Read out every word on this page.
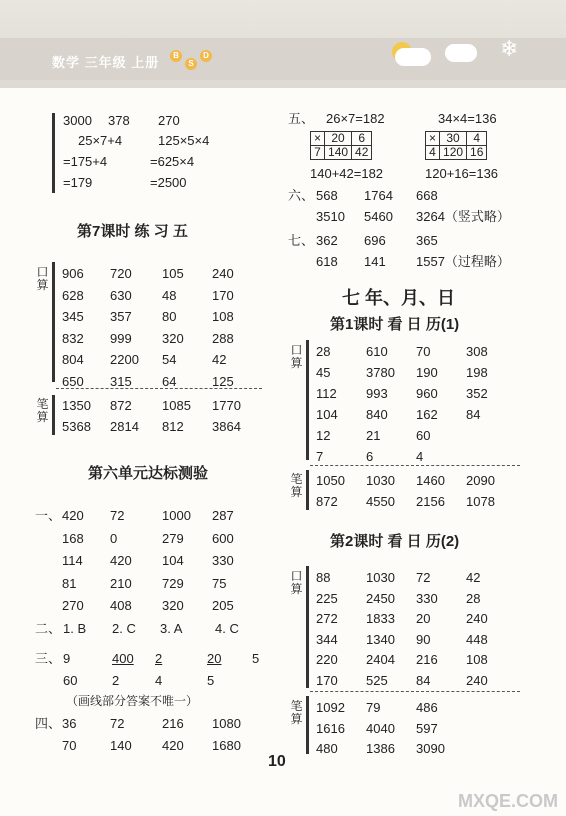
数学 三年级 上册	B
S
D	❄
3000 378 270
25×7+4	125×5×4
=175+4	=625×4
=179	=2500
第7课时 练 习 五
口算
906 720 105 240
628 630 48	170
345 357 80	108
832 999 320 288
804 2200 54	42
650 315 64	125
笔算
1350 872 1085 1770
5368 2814 812 3864
第六单元达标测验
一、 420 72	1000 287
168 0	279 600
114 420 104 330
81	210 729 75
270 408 320 205
二、 1. B 2. C 3. A	4. C
三、 9	400 2	20 5
60	2	4	5
（画线部分答案不唯一）
四、 36	72	216 1080
70	140 420 1680
五、 26×7=182	34×4=136
×	20	6
7	140	42
×	30	4
4	120	16
140+42=182	120+16=136
六、 568 1764 668
3510 5460 3264（竖式略）
七、 362 696 365
618 141 1557（过程略）
七 年、月、日
第1课时 看 日 历(1)
口算
28	610 70	308
45	3780 190 198
112 993 960 352
104 840 162 84
12	21	60
7	6	4
笔算
1050 1030 1460 2090
872 4550 2156 1078
第2课时 看 日 历(2)
口算
88	1030 72	42
225 2450 330 28
272 1833 20	240
344 1340 90	448
220 2404 216 108
170 525 84	240
笔算
1092 79	486
1616 4040 597
480 1386 3090
10
MXQE.COM
